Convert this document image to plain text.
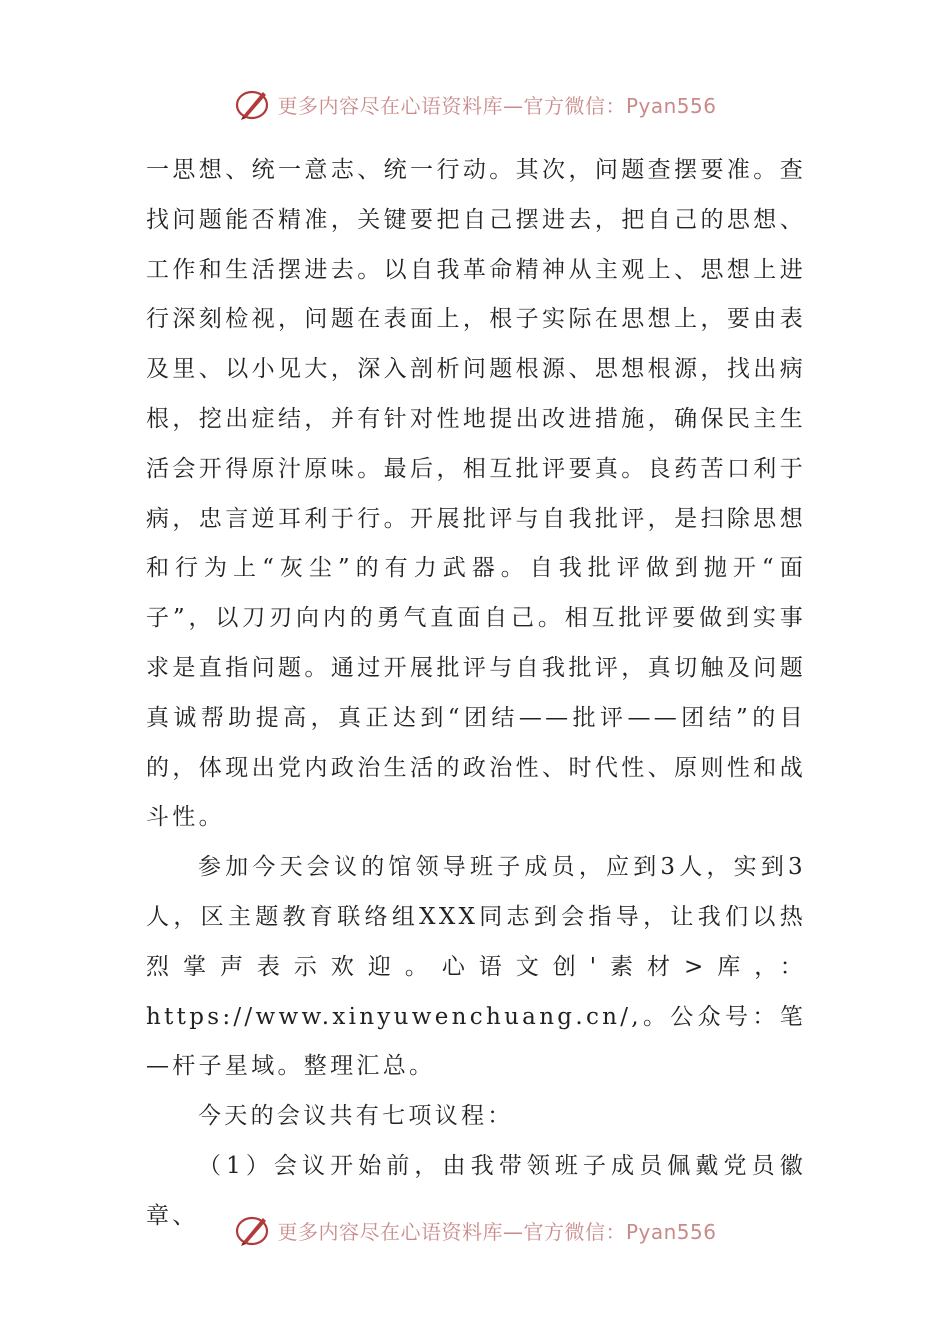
更多内容尽在心语资料库—官方微信：Pyan556

一思想、统一意志、统一行动。其次，问题查摆要准。查找问题能否精准，关键要把自己摆进去，把自己的思想、工作和生活摆进去。以自我革命精神从主观上、思想上进行深刻检视，问题在表面上，根子实际在思想上，要由表及里、以小见大，深入剖析问题根源、思想根源，找出病根，挖出症结，并有针对性地提出改进措施，确保民主生活会开得原汁原味。最后，相互批评要真。良药苦口利于病，忠言逆耳利于行。开展批评与自我批评，是扫除思想和行为上“灰尘”的有力武器。自我批评做到抛开“面子”，以刀刃向内的勇气直面自己。相互批评要做到实事求是直指问题。通过开展批评与自我批评，真切触及问题真诚帮助提高，真正达到“团结——批评——团结”的目的，体现出党内政治生活的政治性、时代性、原则性和战斗性。

参加今天会议的馆领导班子成员，应到3人，实到3人，区主题教育联络组XXX同志到会指导，让我们以热烈掌声表示欢迎。心语文创'素材>库，：https://www.xinyuwenchuang.cn/,。公众号：笔—杆子星域。整理汇总。

今天的会议共有七项议程：

（1）会议开始前，由我带领班子成员佩戴党员徽章、

更多内容尽在心语资料库—官方微信：Pyan556
